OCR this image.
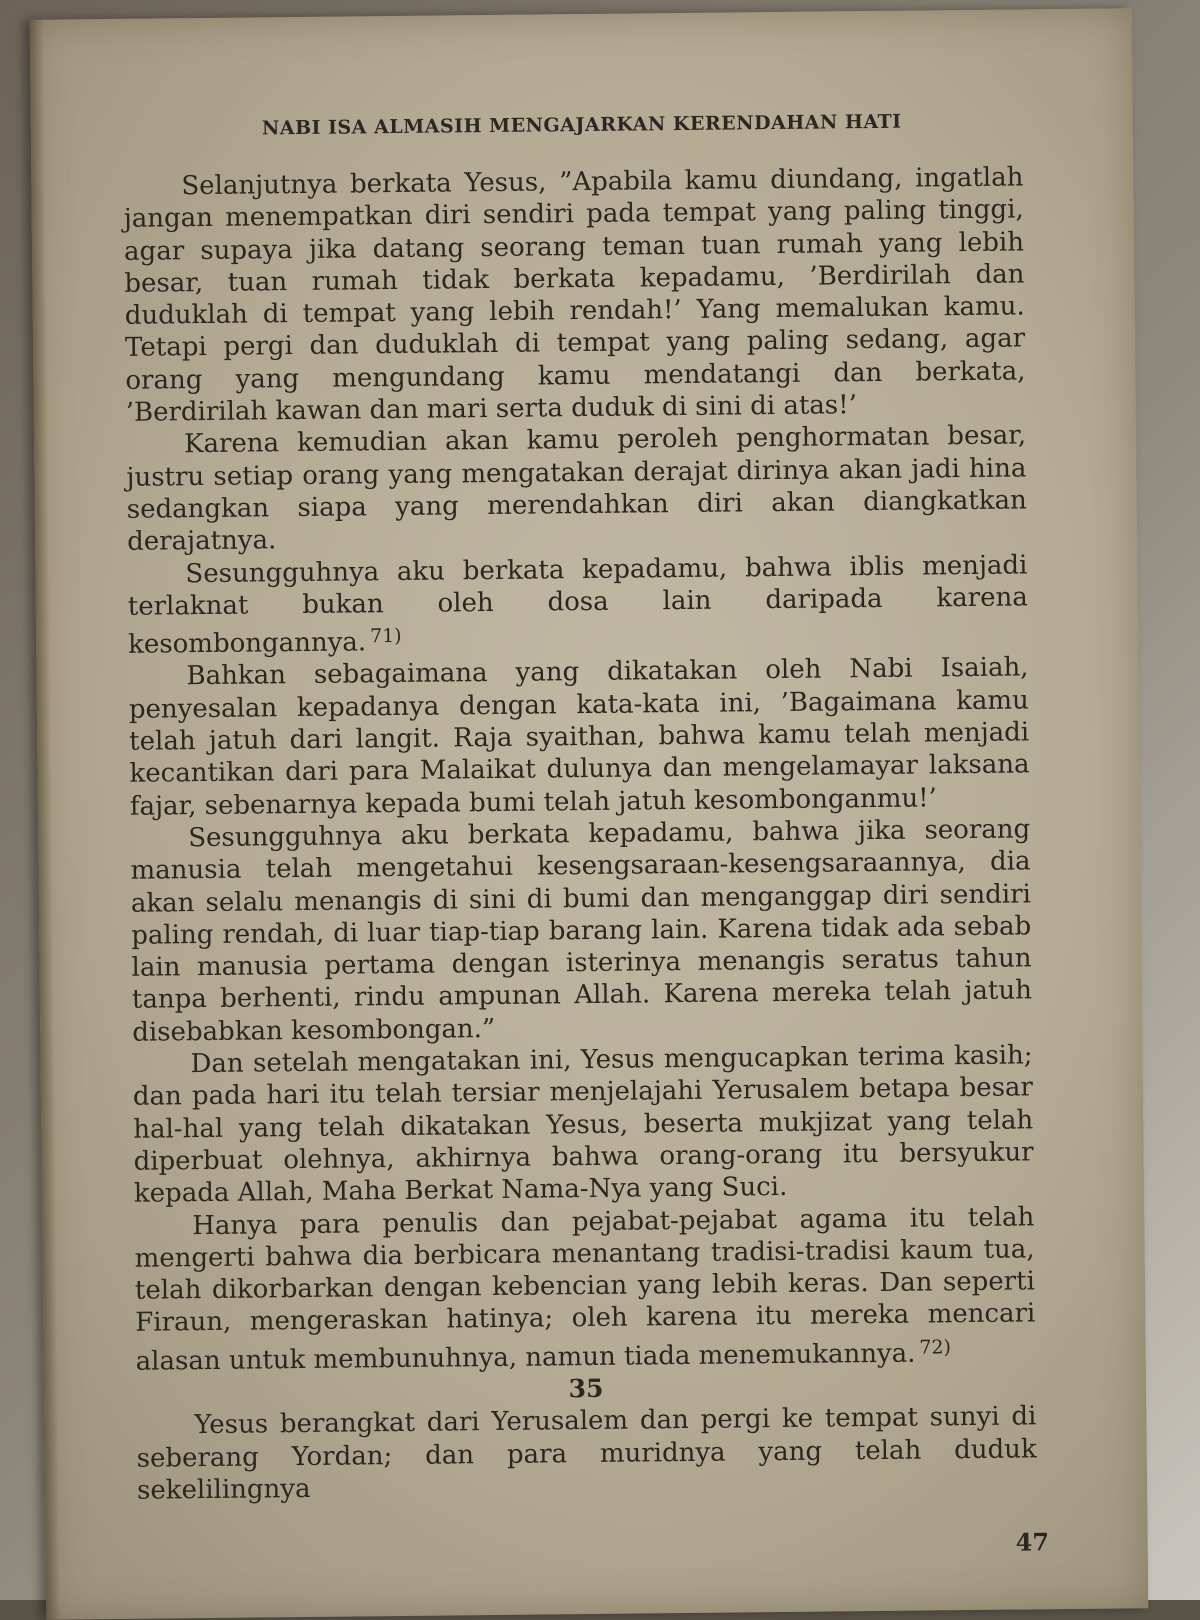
NABI ISA ALMASIH MENGAJARKAN KERENDAHAN HATI

Selanjutnya berkata Yesus, ”Apabila kamu diundang, ingatlah jangan menempatkan diri sendiri pada tempat yang paling tinggi, agar supaya jika datang seorang teman tuan rumah yang lebih besar, tuan rumah tidak berkata kepadamu, ’Berdirilah dan duduklah di tempat yang lebih rendah!’ Yang memalukan kamu. Tetapi pergi dan duduklah di tempat yang paling sedang, agar orang yang mengundang kamu mendatangi dan berkata, ’Berdirilah kawan dan mari serta duduk di sini di atas!’

Karena kemudian akan kamu peroleh penghormatan besar, justru setiap orang yang mengatakan derajat dirinya akan jadi hina sedangkan siapa yang merendahkan diri akan diangkatkan derajatnya.

Sesungguhnya aku berkata kepadamu, bahwa iblis menjadi terlaknat bukan oleh dosa lain daripada karena kesombongannya. $^{71)}$

Bahkan sebagaimana yang dikatakan oleh Nabi Isaiah, penyesalan kepadanya dengan kata-kata ini, ’Bagaimana kamu telah jatuh dari langit. Raja syaithan, bahwa kamu telah menjadi kecantikan dari para Malaikat dulunya dan mengelamayar laksana fajar, sebenarnya kepada bumi telah jatuh kesombonganmu!’

Sesungguhnya aku berkata kepadamu, bahwa jika seorang manusia telah mengetahui kesengsaraan-kesengsaraannya, dia akan selalu menangis di sini di bumi dan menganggap diri sendiri paling rendah, di luar tiap-tiap barang lain. Karena tidak ada sebab lain manusia pertama dengan isterinya menangis seratus tahun tanpa berhenti, rindu ampunan Allah. Karena mereka telah jatuh disebabkan kesombongan.”

Dan setelah mengatakan ini, Yesus mengucapkan terima kasih; dan pada hari itu telah tersiar menjelajahi Yerusalem betapa besar hal-hal yang telah dikatakan Yesus, beserta mukjizat yang telah diperbuat olehnya, akhirnya bahwa orang-orang itu bersyukur kepada Allah, Maha Berkat Nama-Nya yang Suci.

Hanya para penulis dan pejabat-pejabat agama itu telah mengerti bahwa dia berbicara menantang tradisi-tradisi kaum tua, telah dikorbarkan dengan kebencian yang lebih keras. Dan seperti Firaun, mengeraskan hatinya; oleh karena itu mereka mencari alasan untuk membunuhnya, namun tiada menemukannya. $^{72)}$

35

Yesus berangkat dari Yerusalem dan pergi ke tempat sunyi di seberang Yordan; dan para muridnya yang telah duduk sekelilingnya

47
